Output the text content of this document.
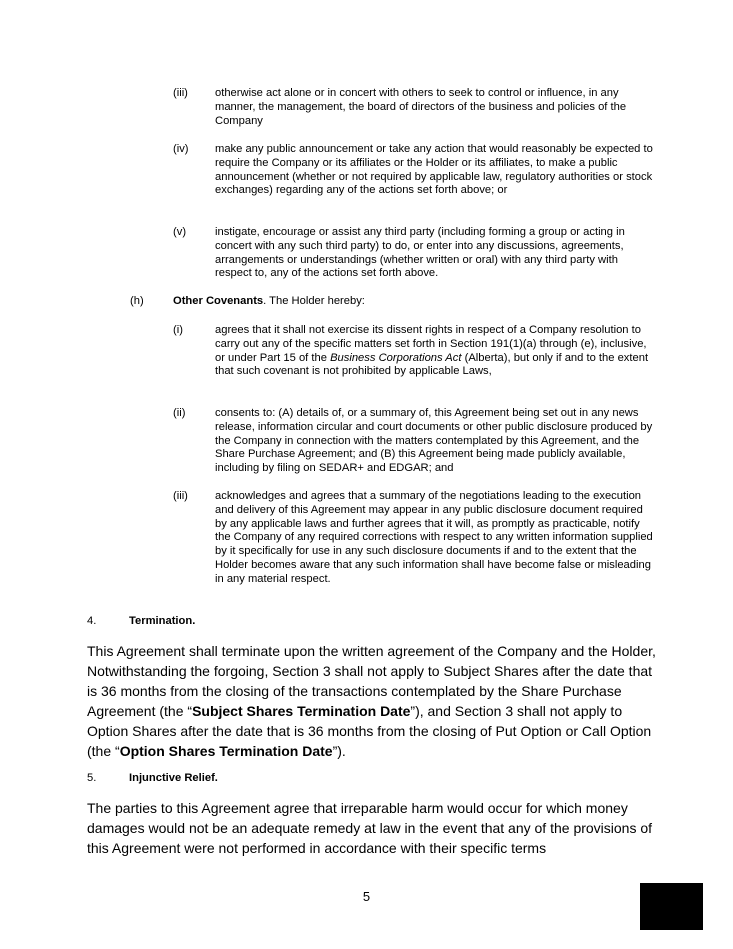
(iii) otherwise act alone or in concert with others to seek to control or influence, in any manner, the management, the board of directors of the business and policies of the Company
(iv) make any public announcement or take any action that would reasonably be expected to require the Company or its affiliates or the Holder or its affiliates, to make a public announcement (whether or not required by applicable law, regulatory authorities or stock exchanges) regarding any of the actions set forth above; or
(v)	instigate, encourage or assist any third party (including forming a group or acting in concert with any such third party) to do, or enter into any discussions, agreements, arrangements or understandings (whether written or oral) with any third party with respect to, any of the actions set forth above.
(h)	Other Covenants. The Holder hereby:
(i)	agrees that it shall not exercise its dissent rights in respect of a Company resolution to carry out any of the specific matters set forth in Section 191(1)(a) through (e), inclusive, or under Part 15 of the Business Corporations Act (Alberta), but only if and to the extent that such covenant is not prohibited by applicable Laws,
(ii)	consents to: (A) details of, or a summary of, this Agreement being set out in any news release, information circular and court documents or other public disclosure produced by the Company in connection with the matters contemplated by this Agreement, and the Share Purchase Agreement; and (B) this Agreement being made publicly available, including by filing on SEDAR+ and EDGAR; and
(iii) acknowledges and agrees that a summary of the negotiations leading to the execution and delivery of this Agreement may appear in any public disclosure document required by any applicable laws and further agrees that it will, as promptly as practicable, notify the Company of any required corrections with respect to any written information supplied by it specifically for use in any such disclosure documents if and to the extent that the Holder becomes aware that any such information shall have become false or misleading in any material respect.
4.	Termination.
This Agreement shall terminate upon the written agreement of the Company and the Holder, Notwithstanding the forgoing, Section 3 shall not apply to Subject Shares after the date that is 36 months from the closing of the transactions contemplated by the Share Purchase Agreement (the “Subject Shares Termination Date”), and Section 3 shall not apply to Option Shares after the date that is 36 months from the closing of Put Option or Call Option (the “Option Shares Termination Date”).
5.	Injunctive Relief.
The parties to this Agreement agree that irreparable harm would occur for which money damages would not be an adequate remedy at law in the event that any of the provisions of this Agreement were not performed in accordance with their specific terms
5
